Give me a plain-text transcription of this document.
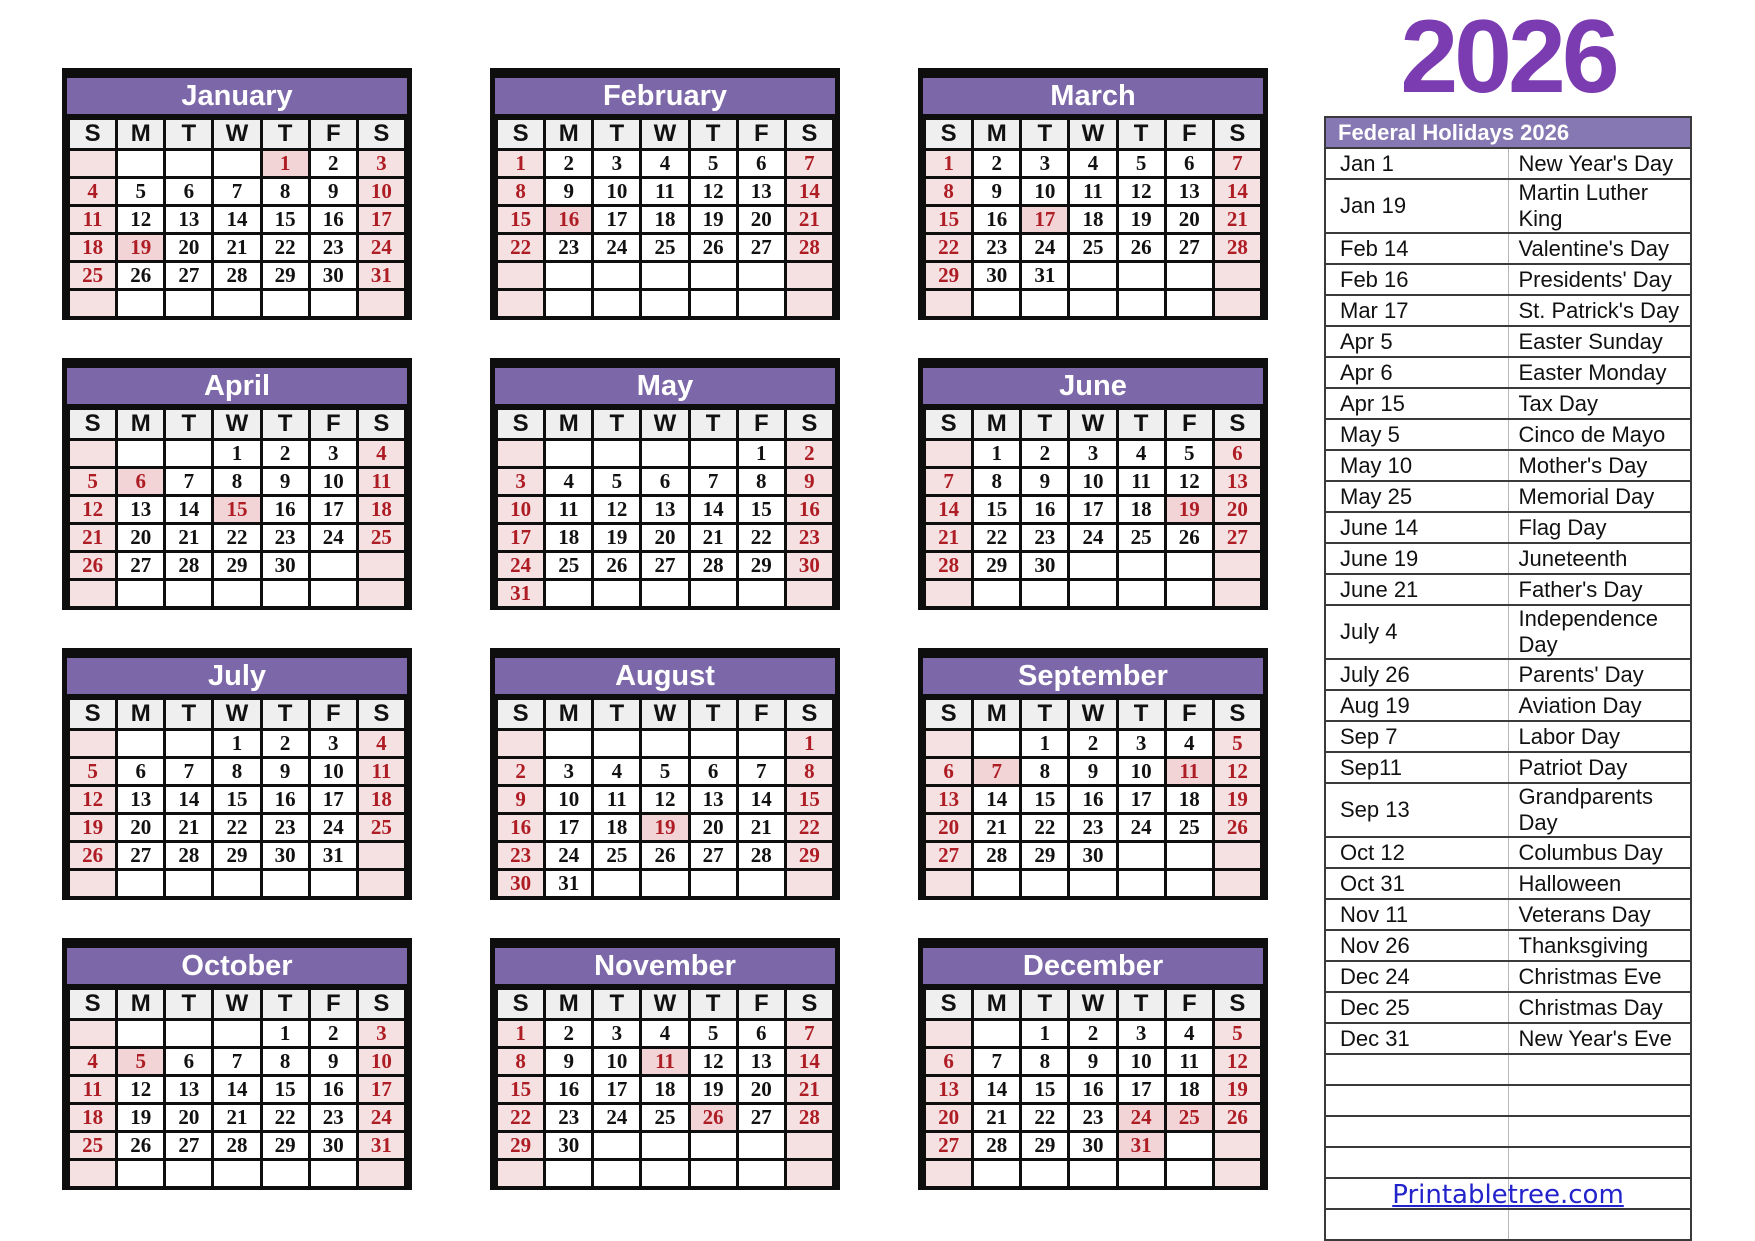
2026
January
S	M	T	W	T	F	S
				1	2	3
4	5	6	7	8	9	10
11	12	13	14	15	16	17
18	19	20	21	22	23	24
25	26	27	28	29	30	31

February
S	M	T	W	T	F	S
1	2	3	4	5	6	7
8	9	10	11	12	13	14
15	16	17	18	19	20	21
22	23	24	25	26	27	28

March
S	M	T	W	T	F	S
1	2	3	4	5	6	7
8	9	10	11	12	13	14
15	16	17	18	19	20	21
22	23	24	25	26	27	28
29	30	31				

April
S	M	T	W	T	F	S
			1	2	3	4
5	6	7	8	9	10	11
12	13	14	15	16	17	18
21	20	21	22	23	24	25
26	27	28	29	30		

May
S	M	T	W	T	F	S
					1	2
3	4	5	6	7	8	9
10	11	12	13	14	15	16
17	18	19	20	21	22	23
24	25	26	27	28	29	30
31						
June
S	M	T	W	T	F	S
	1	2	3	4	5	6
7	8	9	10	11	12	13
14	15	16	17	18	19	20
21	22	23	24	25	26	27
28	29	30				

July
S	M	T	W	T	F	S
			1	2	3	4
5	6	7	8	9	10	11
12	13	14	15	16	17	18
19	20	21	22	23	24	25
26	27	28	29	30	31	

August
S	M	T	W	T	F	S
						1
2	3	4	5	6	7	8
9	10	11	12	13	14	15
16	17	18	19	20	21	22
23	24	25	26	27	28	29
30	31					
September
S	M	T	W	T	F	S
		1	2	3	4	5
6	7	8	9	10	11	12
13	14	15	16	17	18	19
20	21	22	23	24	25	26
27	28	29	30			

October
S	M	T	W	T	F	S
				1	2	3
4	5	6	7	8	9	10
11	12	13	14	15	16	17
18	19	20	21	22	23	24
25	26	27	28	29	30	31

November
S	M	T	W	T	F	S
1	2	3	4	5	6	7
8	9	10	11	12	13	14
15	16	17	18	19	20	21
22	23	24	25	26	27	28
29	30					

December
S	M	T	W	T	F	S
		1	2	3	4	5
6	7	8	9	10	11	12
13	14	15	16	17	18	19
20	21	22	23	24	25	26
27	28	29	30	31		

Federal Holidays 2026	
Jan 1	New Year's Day
Jan 19	Martin Luther King
Feb 14	Valentine's Day
Feb 16	Presidents' Day
Mar 17	St. Patrick's Day
Apr 5	Easter Sunday
Apr 6	Easter Monday
Apr 15	Tax Day
May 5	Cinco de Mayo
May 10	Mother's Day
May 25	Memorial Day
June 14	Flag Day
June 19	Juneteenth
June 21	Father's Day
July 4	Independence Day
July 26	Parents' Day
Aug 19	Aviation Day
Sep 7	Labor Day
Sep11	Patriot Day
Sep 13	Grandparents Day
Oct 12	Columbus Day
Oct 31	Halloween
Nov 11	Veterans Day
Nov 26	Thanksgiving
Dec 24	Christmas Eve
Dec 25	Christmas Day
Dec 31	New Year's Eve

Printabletree.com
